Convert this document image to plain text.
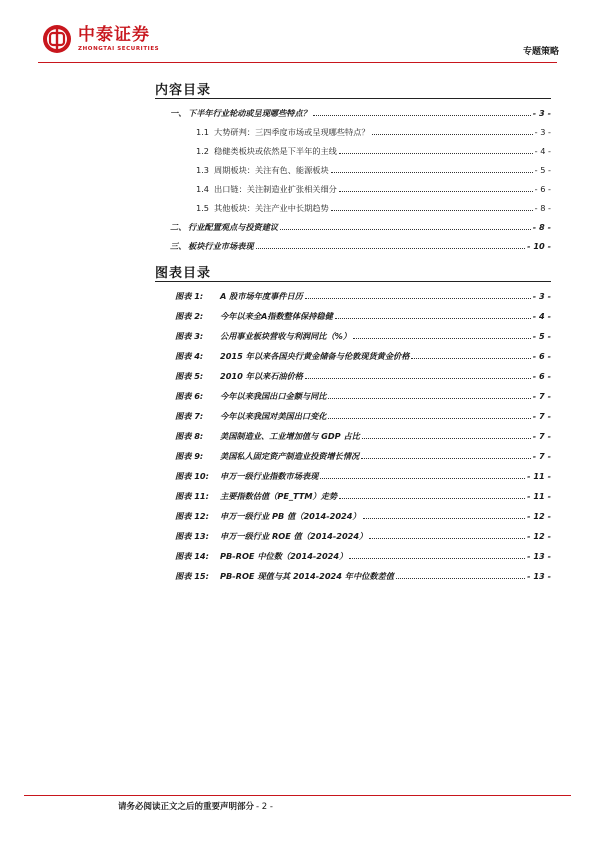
中泰证券
ZHONGTAI SECURITIES	专题策略
内容目录
一、 下半年行业轮动或呈现哪些特点？	- 3 -
1.1 大势研判：三四季度市场或呈现哪些特点？	- 3 -
1.2 稳健类板块或依然是下半年的主线	- 4 -
1.3 周期板块：关注有色、能源板块	- 5 -
1.4 出口链：关注制造业扩张相关细分	- 6 -
1.5 其他板块：关注产业中长期趋势	- 8 -
二、 行业配置观点与投资建议	- 8 -
三、 板块行业市场表现	- 10 -
图表目录
图表 1:	A 股市场年度事件日历	- 3 -
图表 2:	今年以来全A指数整体保持稳健	- 4 -
图表 3:	公用事业板块营收与利润同比（%）	- 5 -
图表 4:	2015 年以来各国央行黄金储备与伦敦现货黄金价格	- 6 -
图表 5:	2010 年以来石油价格	- 6 -
图表 6:	今年以来我国出口金额与同比	- 7 -
图表 7:	今年以来我国对美国出口变化	- 7 -
图表 8:	美国制造业、工业增加值与 GDP 占比	- 7 -
图表 9:	美国私人固定资产制造业投资增长情况	- 7 -
图表 10:	申万一级行业指数市场表现	- 11 -
图表 11:	主要指数估值（PE_TTM）走势	- 11 -
图表 12:	申万一级行业 PB 值（2014-2024）	- 12 -
图表 13:	申万一级行业 ROE 值（2014-2024）	- 12 -
图表 14:	PB-ROE 中位数（2014-2024）	- 13 -
图表 15:	PB-ROE 现值与其 2014-2024 年中位数差值	- 13 -
请务必阅读正文之后的重要声明部分 - 2 -
